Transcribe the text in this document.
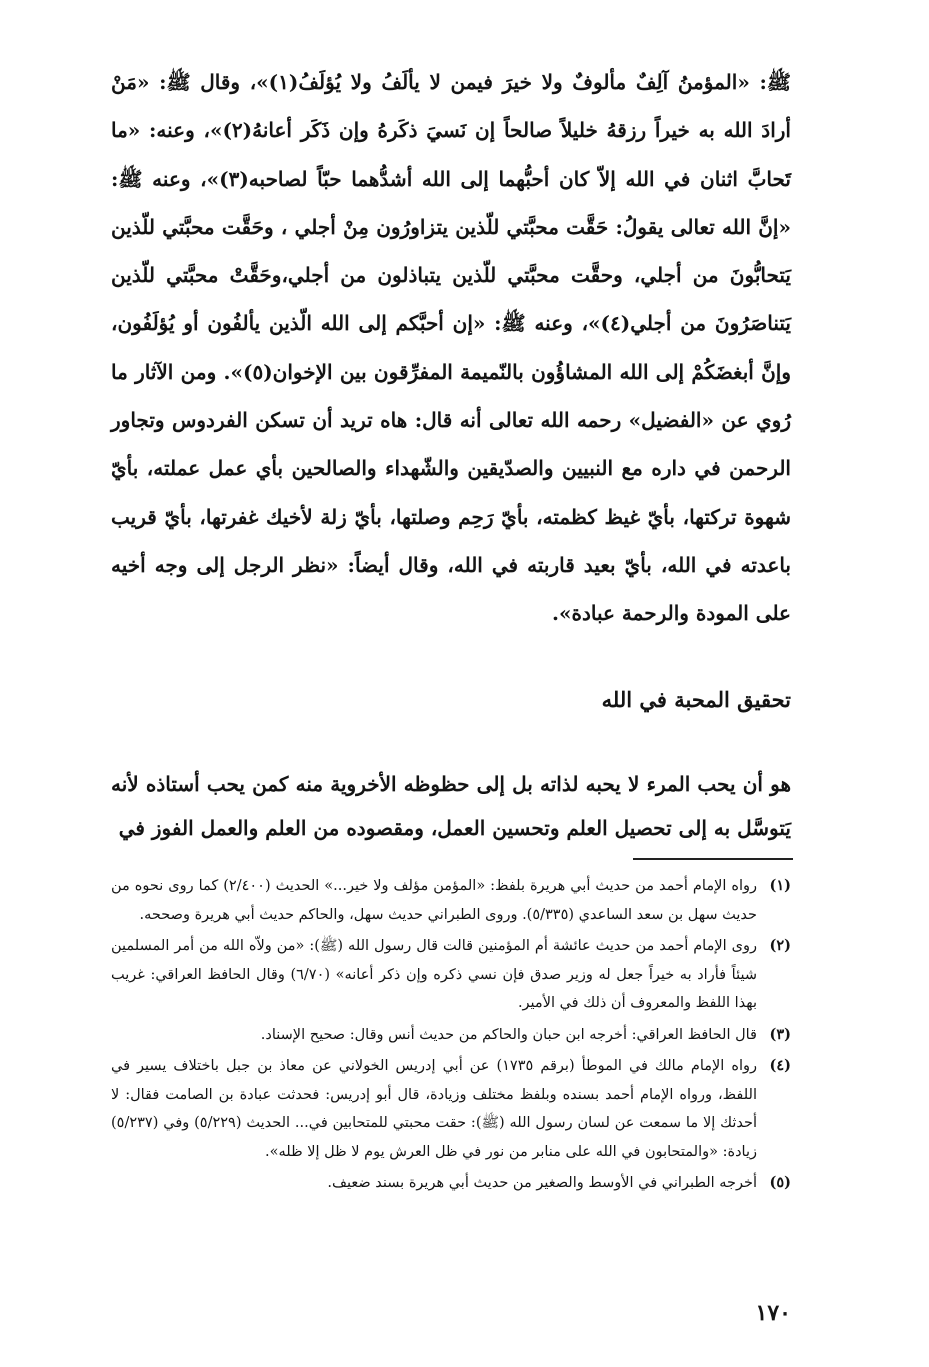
ﷺ: «المؤمنُ آلِفٌ مألوفٌ ولا خيرَ فيمن لا يألَفُ ولا يُؤلَفُ(١)»، وقال ﷺ: «مَنْ أرادَ الله به خيراً رزقهُ خليلاً صالحاً إن نَسيَ ذكَرهُ وإن ذَكَر أعانهُ(٢)»، وعنه: «ما تَحابَّ اثنان في الله إلاّ كان أحبُّهما إلى الله أشدُّهما حبّاً لصاحبه(٣)»، وعنه ﷺ: «إنَّ الله تعالى يقولُ: حَقَّت محبَّتي للّذين يتزاورُون مِنْ أجلي ، وحَقَّت محبَّتي للّذين يَتحابُّونَ من أجلي، وحقَّت محبَّتي للّذين يتباذلون من أجلي،وحَقَّتْ محبَّتي للّذين يَتناصَرُونَ من أجلي(٤)»، وعنه ﷺ: «إن أحبَّكم إلى الله الّذين يألفُون أو يُؤلَفُون، وإنَّ أبغضَكُمْ إلى الله المشاؤُون بالنّميمة المفرِّقون بين الإخوان(٥)». ومن الآثار ما رُوي عن «الفضيل» رحمه الله تعالى أنه قال: هاه تريد أن تسكن الفردوس وتجاور الرحمن في داره مع النبيين والصدّيقين والشّهداء والصالحين بأي عمل عملته، بأيّ شهوة تركتها، بأيّ غيظ كظمته، بأيّ رَحِم وصلتها، بأيّ زلة لأخيك غفرتها، بأيّ قريب باعدته في الله، بأيّ بعيد قاربته في الله، وقال أيضاً: «نظر الرجل إلى وجه أخيه على المودة والرحمة عبادة».

تحقيق المحبة في الله

هو أن يحب المرء لا يحبه لذاته بل إلى حظوظه الأخروية منه كمن يحب أستاذه لأنه يَتوسَّل به إلى تحصيل العلم وتحسين العمل، ومقصوده من العلم والعمل الفوز في

(١)
رواه الإمام أحمد من حديث أبي هريرة بلفظ: «المؤمن مؤلف ولا خير...» الحديث (٢/٤٠٠) كما روى نحوه من حديث سهل بن سعد الساعدي (٥/٣٣٥). وروى الطبراني حديث سهل، والحاكم حديث أبي هريرة وصححه.
(٢)
روى الإمام أحمد من حديث عائشة أم المؤمنين قالت قال رسول الله (ﷺ): «من ولاّه الله من أمر المسلمين شيئاً فأراد به خيراً جعل له وزير صدق فإن نسي ذكره وإن ذكر أعانه» (٦/٧٠) وقال الحافظ العراقي: غريب بهذا اللفظ والمعروف أن ذلك في الأمير.
(٣)
قال الحافظ العراقي: أخرجه ابن حبان والحاكم من حديث أنس وقال: صحيح الإسناد.
(٤)
رواه الإمام مالك في الموطأ (برقم ١٧٣٥) عن أبي إدريس الخولاني عن معاذ بن جبل باختلاف يسير في اللفظ، ورواه الإمام أحمد بسنده وبلفظ مختلف وزيادة، قال أبو إدريس: فحدثت عبادة بن الصامت فقال: لا أحدثك إلا ما سمعت عن لسان رسول الله (ﷺ): حقت محبتي للمتحابين في... الحديث (٥/٢٢٩) وفي (٥/٢٣٧) زيادة: «والمتحابون في الله على منابر من نور في ظل العرش يوم لا ظل إلا ظله».
(٥)
أخرجه الطبراني في الأوسط والصغير من حديث أبي هريرة بسند ضعيف.

١٧٠
